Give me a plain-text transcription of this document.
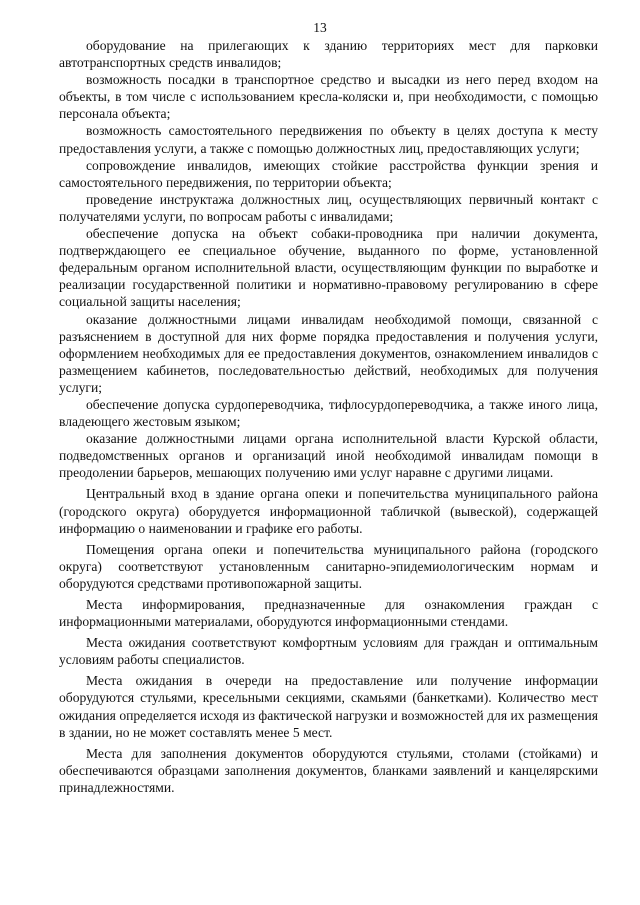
13

оборудование на прилегающих к зданию территориях мест для парковки автотранспортных средств инвалидов;

возможность посадки в транспортное средство и высадки из него перед входом на объекты, в том числе с использованием кресла-коляски и, при необходимости, с помощью персонала объекта;

возможность самостоятельного передвижения по объекту в целях доступа к месту предоставления услуги, а также с помощью должностных лиц, предоставляющих услуги;

сопровождение инвалидов, имеющих стойкие расстройства функции зрения и самостоятельного передвижения, по территории объекта;

проведение инструктажа должностных лиц, осуществляющих первичный контакт с получателями услуги, по вопросам работы с инвалидами;

обеспечение допуска на объект собаки-проводника при наличии документа, подтверждающего ее специальное обучение, выданного по форме, установленной федеральным органом исполнительной власти, осуществляющим функции по выработке и реализации государственной политики и нормативно-правовому регулированию в сфере социальной защиты населения;

оказание должностными лицами инвалидам необходимой помощи, связанной с разъяснением в доступной для них форме порядка предоставления и получения услуги, оформлением необходимых для ее предоставления документов, ознакомлением инвалидов с размещением кабинетов, последовательностью действий, необходимых для получения услуги;

обеспечение допуска сурдопереводчика, тифлосурдопереводчика, а также иного лица, владеющего жестовым языком;

оказание должностными лицами органа исполнительной власти Курской области, подведомственных органов и организаций иной необходимой инвалидам помощи в преодолении барьеров, мешающих получению ими услуг наравне с другими лицами.

Центральный вход в здание органа опеки и попечительства муниципального района (городского округа) оборудуется информационной табличкой (вывеской), содержащей информацию о наименовании и графике его работы.

Помещения органа опеки и попечительства муниципального района (городского округа) соответствуют установленным санитарно-эпидемиологическим нормам и оборудуются средствами противопожарной защиты.

Места информирования, предназначенные для ознакомления граждан с информационными материалами, оборудуются информационными стендами.

Места ожидания соответствуют комфортным условиям для граждан и оптимальным условиям работы специалистов.

Места ожидания в очереди на предоставление или получение информации оборудуются стульями, кресельными секциями, скамьями (банкетками). Количество мест ожидания определяется исходя из фактической нагрузки и возможностей для их размещения в здании, но не может составлять менее 5 мест.

Места для заполнения документов оборудуются стульями, столами (стойками) и обеспечиваются образцами заполнения документов, бланками заявлений и канцелярскими принадлежностями.
